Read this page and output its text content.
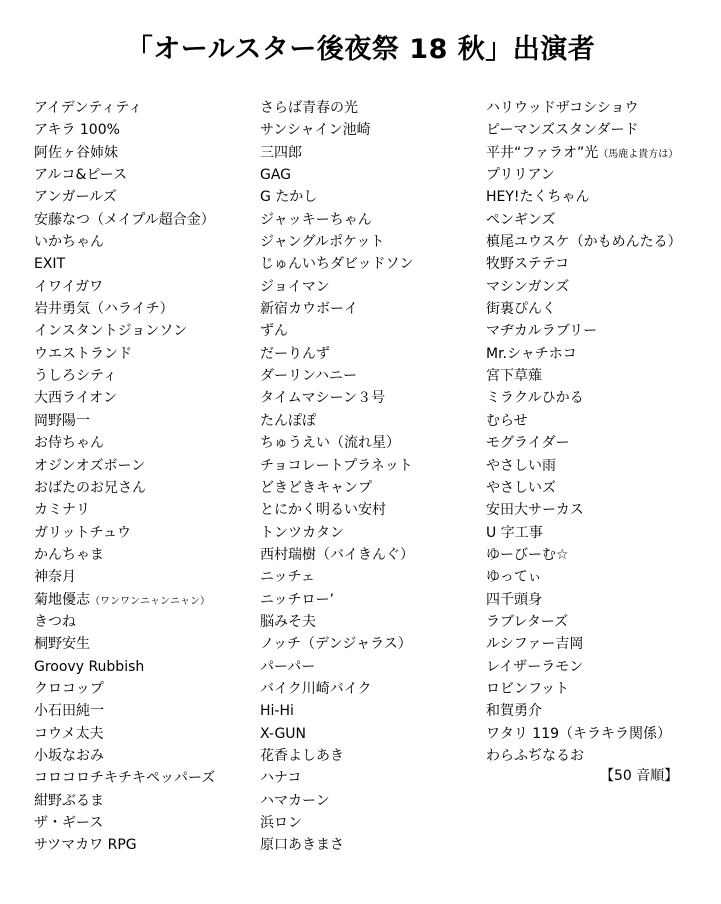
「オールスター後夜祭 18 秋」出演者
アイデンティティ
アキラ 100%
阿佐ヶ谷姉妹
アルコ&ピース
アンガールズ
安藤なつ（メイプル超合金）
いかちゃん
EXIT
イワイガワ
岩井勇気（ハライチ）
インスタントジョンソン
ウエストランド
うしろシティ
大西ライオン
岡野陽一
お侍ちゃん
オジンオズボーン
おばたのお兄さん
カミナリ
ガリットチュウ
かんちゃま
神奈月
菊地優志（ワンワンニャンニャン）
きつね
桐野安生
Groovy Rubbish
クロコップ
小石田純一
コウメ太夫
小坂なおみ
コロコロチキチキペッパーズ
紺野ぶるま
ザ・ギース
サツマカワ RPG
さらば青春の光
サンシャイン池崎
三四郎
GAG
G たかし
ジャッキーちゃん
ジャングルポケット
じゅんいちダビッドソン
ジョイマン
新宿カウボーイ
ずん
だーりんず
ダーリンハニー
タイムマシーン３号
たんぽぽ
ちゅうえい（流れ星）
チョコレートプラネット
どきどきキャンプ
とにかく明るい安村
トンツカタン
西村瑞樹（バイきんぐ）
ニッチェ
ニッチロー’
脳みそ夫
ノッチ（デンジャラス）
パーパー
バイク川崎バイク
Hi-Hi
X-GUN
花香よしあき
ハナコ
ハマカーン
浜ロン
原口あきまさ
ハリウッドザコシショウ
ピーマンズスタンダード
平井“ファラオ”光（馬鹿よ貴方は）
プリリアン
HEY!たくちゃん
ペンギンズ
槙尾ユウスケ（かもめんたる）
牧野ステテコ
マシンガンズ
街裏ぴんく
マヂカルラブリー
Mr.シャチホコ
宮下草薙
ミラクルひかる
むらせ
モグライダー
やさしい雨
やさしいズ
安田大サーカス
U 字工事
ゆーびーむ☆
ゆってぃ
四千頭身
ラブレターズ
ルシファー吉岡
レイザーラモン
ロビンフット
和賀勇介
ワタリ 119（キラキラ関係）
わらふぢなるお
【50 音順】
